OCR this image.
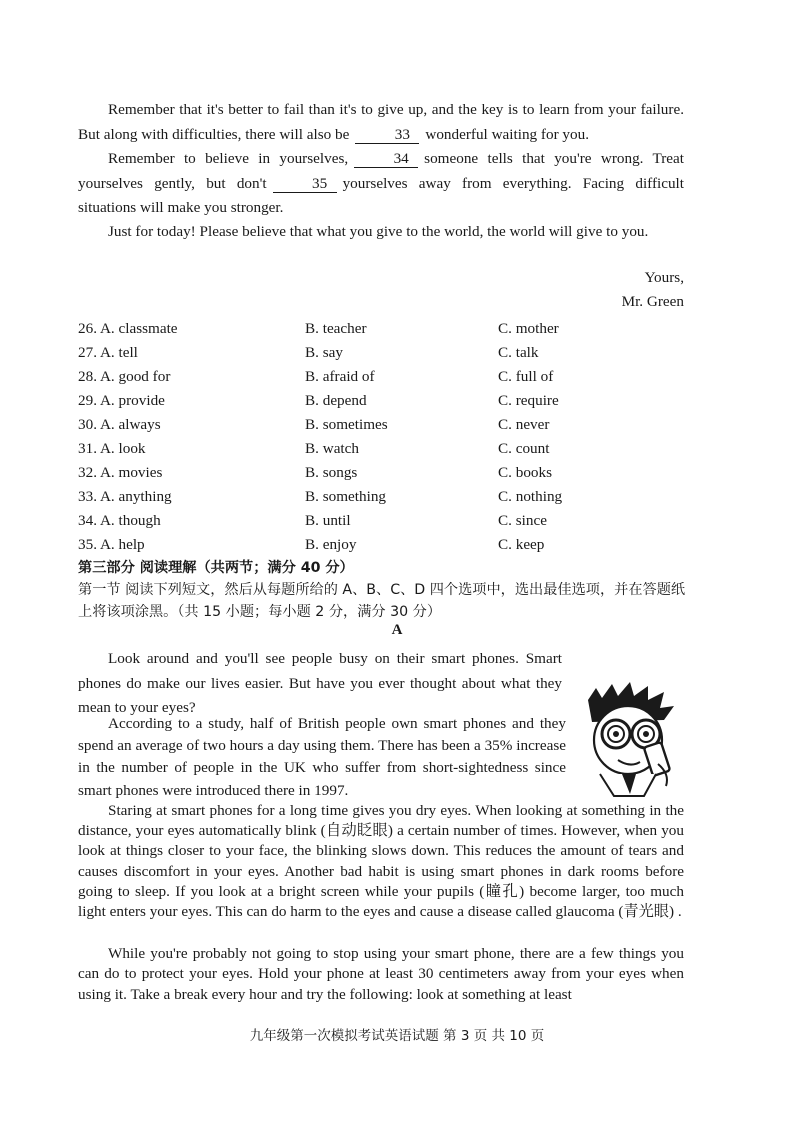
Remember that it's better to fail than it's to give up, and the key is to learn from your failure. But along with difficulties, there will also be	33 wonderful waiting for you.

Remember to believe in yourselves,	34 someone tells that you're wrong. Treat yourselves gently, but don't	35 yourselves away from everything. Facing difficult situations will make you stronger.

Just for today! Please believe that what you give to the world, the world will give to you.

Yours,
Mr. Green
26. A. classmate	B. teacher	C. mother
27. A. tell	B. say	C. talk
28. A. good for	B. afraid of	C. full of
29. A. provide	B. depend	C. require
30. A. always	B. sometimes	C. never
31. A. look	B. watch	C. count
32. A. movies	B. songs	C. books
33. A. anything	B. something	C. nothing
34. A. though	B. until	C. since
35. A. help	B. enjoy	C. keep
第三部分 阅读理解（共两节；满分 40 分）
第一节 阅读下列短文，然后从每题所给的 A、B、C、D 四个选项中，选出最佳选项，并在答题纸上将该项涂黑。（共 15 小题；每小题 2 分，满分 30 分）
A

Look around and you'll see people busy on their smart phones. Smart phones do make our lives easier. But have you ever thought about what they mean to your eyes?

According to a study, half of British people own smart phones and they spend an average of two hours a day using them. There has been a 35% increase in the number of people in the UK who suffer from short-sightedness since smart phones were introduced there in 1997.

Staring at smart phones for a long time gives you dry eyes. When looking at something in the distance, your eyes automatically blink (自动眨眼) a certain number of times. However, when you look at things closer to your face, the blinking slows down. This reduces the amount of tears and causes discomfort in your eyes. Another bad habit is using smart phones in dark rooms before going to sleep. If you look at a bright screen while your pupils (瞳孔) become larger, too much light enters your eyes. This can do harm to the eyes and cause a disease called glaucoma (青光眼) .

While you're probably not going to stop using your smart phone, there are a few things you can do to protect your eyes. Hold your phone at least 30 centimeters away from your eyes when using it. Take a break every hour and try the following: look at something at least

九年级第一次模拟考试英语试题 第 3 页 共 10 页
